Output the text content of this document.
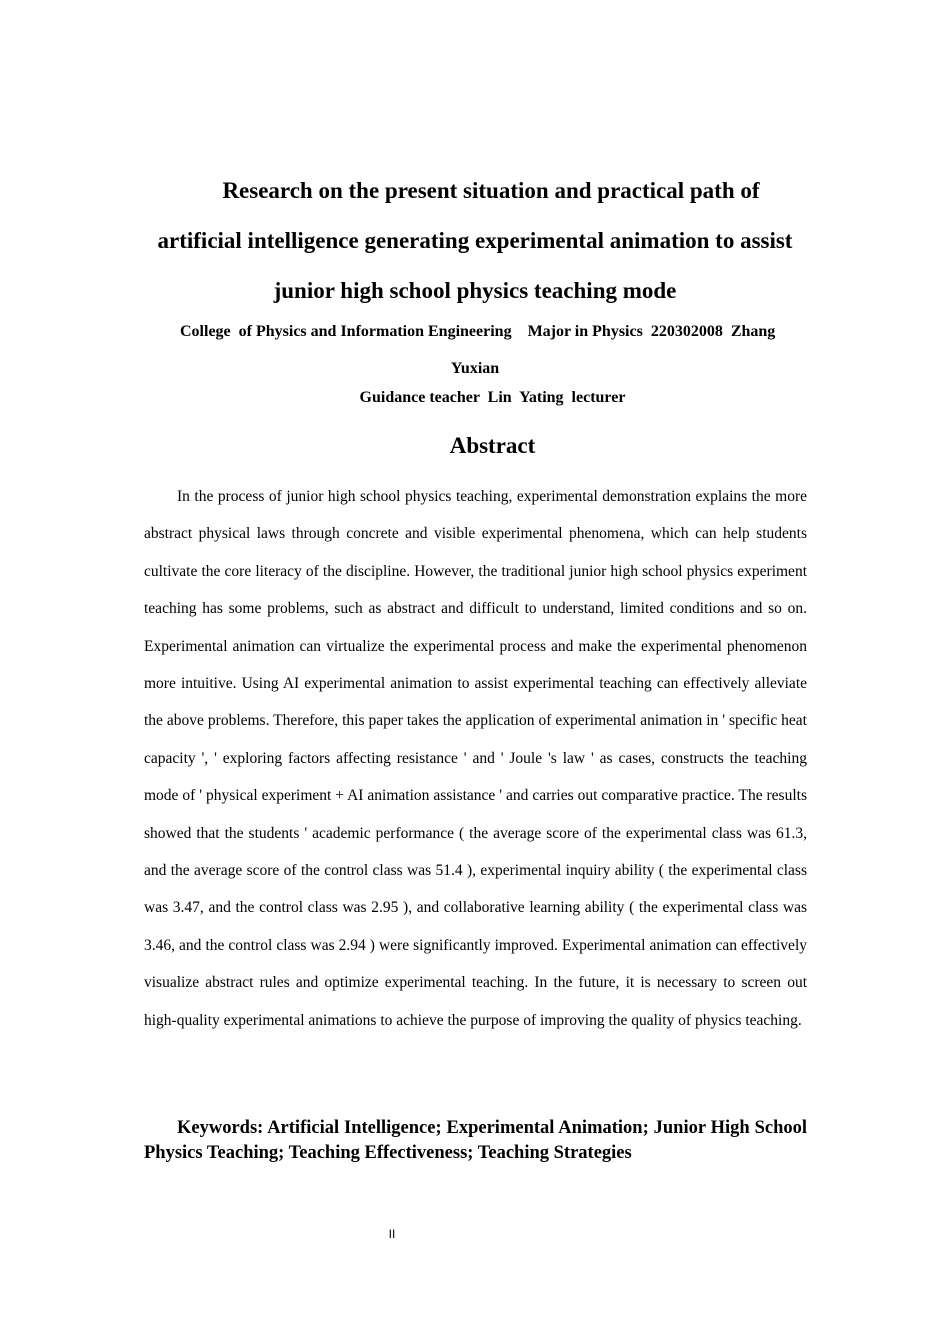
Research on the present situation and practical path of
artificial intelligence generating experimental animation to assist
junior high school physics teaching mode
College  of Physics and Information Engineering    Major in Physics  220302008  Zhang
Yuxian
Guidance teacher  Lin  Yating  lecturer
Abstract

In the process of junior high school physics teaching, experimental demonstration explains the more abstract physical laws through concrete and visible experimental phenomena, which can help students cultivate the core literacy of the discipline. However, the traditional junior high school physics experiment teaching has some problems, such as abstract and difficult to understand, limited conditions and so on. Experimental animation can virtualize the experimental process and make the experimental phenomenon more intuitive. Using AI experimental animation to assist experimental teaching can effectively alleviate the above problems. Therefore, this paper takes the application of experimental animation in ' specific heat capacity ', ' exploring factors affecting resistance ' and ' Joule 's law ' as cases, constructs the teaching mode of ' physical experiment + AI animation assistance ' and carries out comparative practice. The results showed that the students ' academic performance ( the average score of the experimental class was 61.3, and the average score of the control class was 51.4 ), experimental inquiry ability ( the experimental class was 3.47, and the control class was 2.95 ), and collaborative learning ability ( the experimental class was 3.46, and the control class was 2.94 ) were significantly improved. Experimental animation can effectively visualize abstract rules and optimize experimental teaching. In the future, it is necessary to screen out high-quality experimental animations to achieve the purpose of improving the quality of physics teaching.

Keywords: Artificial Intelligence; Experimental Animation; Junior High School Physics Teaching; Teaching Effectiveness; Teaching Strategies

II
